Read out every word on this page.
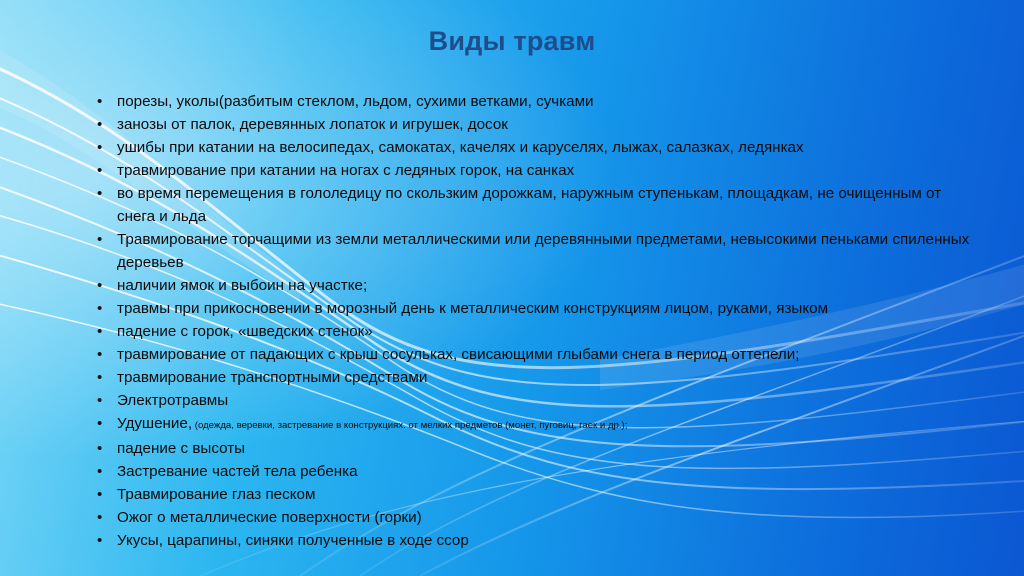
Виды травм
• порезы, уколы(разбитым стеклом, льдом, сухими ветками, сучками
• занозы от палок, деревянных лопаток и игрушек, досок
• ушибы при катании на велосипедах, самокатах, качелях и каруселях, лыжах, салазках, ледянках
• травмирование при катании на ногах с ледяных горок, на санках
• во время перемещения в гололедицу по скользким дорожкам, наружным ступенькам, площадкам, не очищенным от снега и льда
• Травмирование торчащими из земли металлическими или деревянными предметами, невысокими пеньками спиленных деревьев
• наличии ямок и выбоин на участке;
• травмы при прикосновении в морозный день к металлическим конструкциям лицом, руками, языком
• падение с горок, «шведских стенок»
• травмирование от падающих с крыш сосульках, свисающими глыбами снега в период оттепели;
• травмирование транспортными средствами
• Электротравмы
• Удушение, (одежда, веревки, застревание в конструкциях. от мелких предметов (монет, пуговиц, гаек и др.);
• падение с высоты
• Застревание частей тела ребенка
• Травмирование глаз песком
• Ожог о металлические поверхности (горки)
• Укусы, царапины, синяки полученные в ходе ссор
